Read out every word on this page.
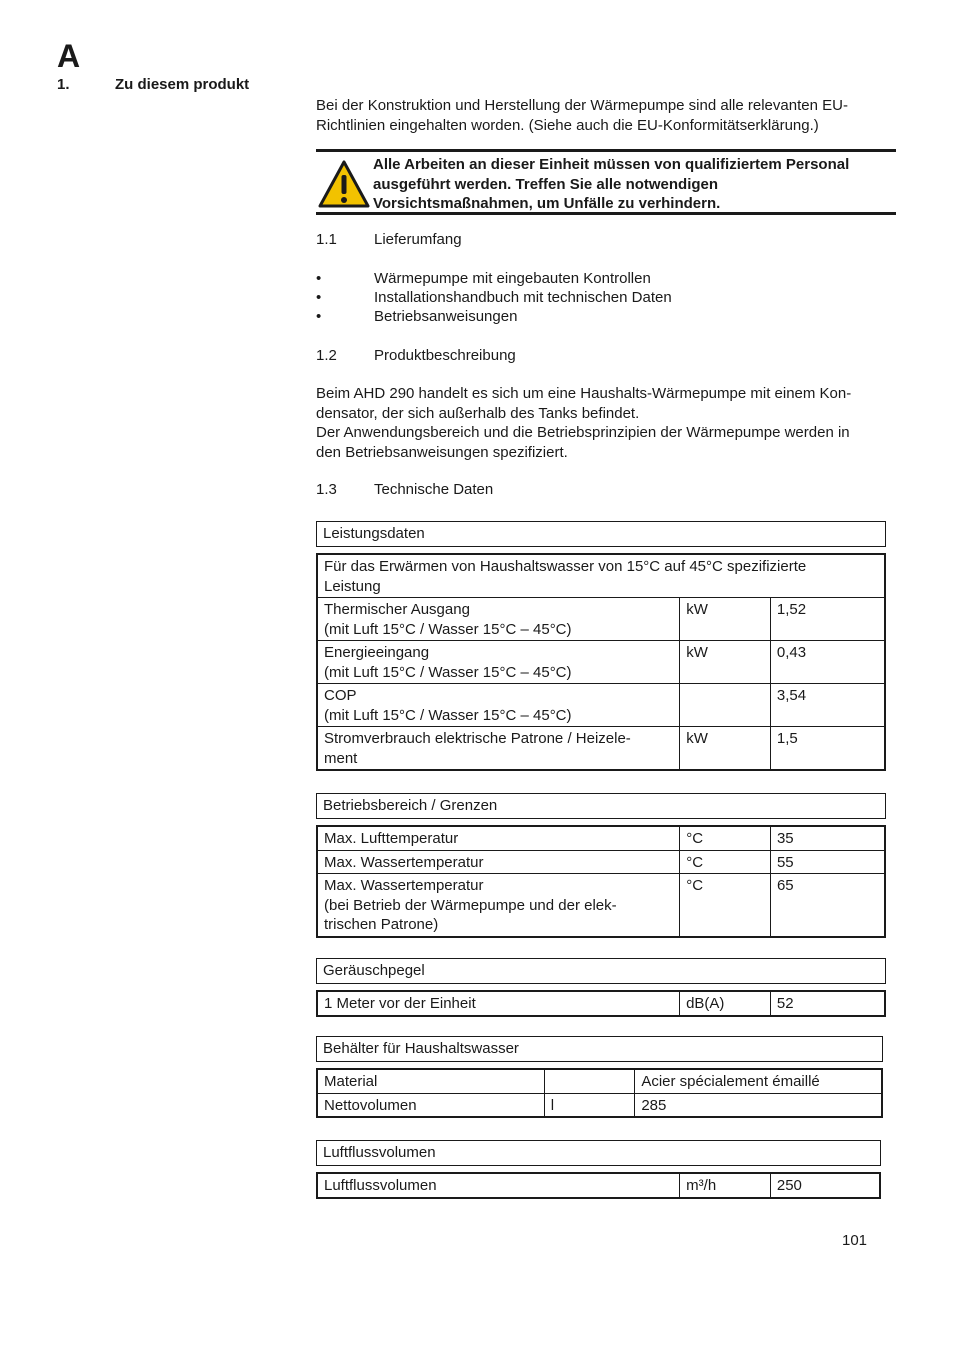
A
1.	Zu diesem produkt
Bei der Konstruktion und Herstellung der Wärmepumpe sind alle relevanten EU-
Richtlinien eingehalten worden. (Siehe auch die EU-Konformitätserklärung.)
Alle Arbeiten an dieser Einheit müssen von qualifiziertem Personal
ausgeführt werden. Treffen Sie alle notwendigen
Vorsichtsmaßnahmen, um Unfälle zu verhindern.
1.1 Lieferumfang
•	Wärmepumpe mit eingebauten Kontrollen
•	Installationshandbuch mit technischen Daten
•	Betriebsanweisungen
1.2 Produktbeschreibung
Beim AHD 290 handelt es sich um eine Haushalts-Wärmepumpe mit einem Kon-
densator, der sich außerhalb des Tanks befindet.
Der Anwendungsbereich und die Betriebsprinzipien der Wärmepumpe werden in
den Betriebsanweisungen spezifiziert.
1.3 Technische Daten
Leistungsdaten
Für das Erwärmen von Haushaltswasser von 15°C auf 45°C spezifizierte
Leistung		

Thermischer Ausgang
(mit Luft 15°C / Wasser 15°C – 45°C)	kW	1,52

Energieeingang
(mit Luft 15°C / Wasser 15°C – 45°C)	kW	0,43

COP
(mit Luft 15°C / Wasser 15°C – 45°C)		3,54

Stromverbrauch elektrische Patrone / Heizele-
ment	kW	1,5
Betriebsbereich / Grenzen
Max. Lufttemperatur	°C	35
Max. Wassertemperatur	°C	55

Max. Wassertemperatur
(bei Betrieb der Wärmepumpe und der elek-
trischen Patrone)	°C	65
Geräuschpegel
1 Meter vor der Einheit	dB(A)	52
Behälter für Haushaltswasser
Material		Acier spécialement émaillé
Nettovolumen	l	285
Luftflussvolumen
Luftflussvolumen	m³/h	250
101
